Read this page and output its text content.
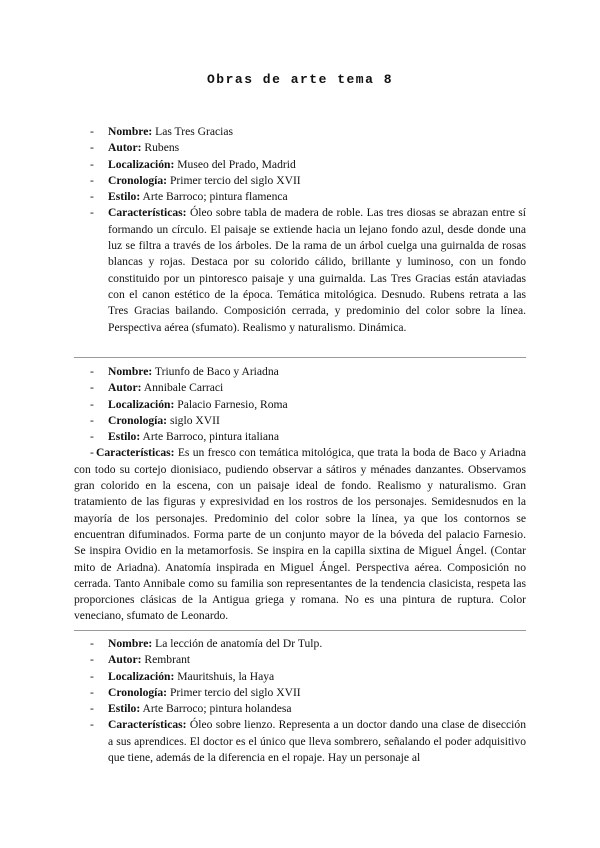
Obras de arte tema 8
- Nombre: Las Tres Gracias
- Autor: Rubens
- Localización: Museo del Prado, Madrid
- Cronología: Primer tercio del siglo XVII
- Estilo: Arte Barroco; pintura flamenca
- Características: Óleo sobre tabla de madera de roble. Las tres diosas se abrazan entre sí formando un círculo. El paisaje se extiende hacia un lejano fondo azul, desde donde una luz se filtra a través de los árboles. De la rama de un árbol cuelga una guirnalda de rosas blancas y rojas. Destaca por su colorido cálido, brillante y luminoso, con un fondo constituido por un pintoresco paisaje y una guirnalda. Las Tres Gracias están ataviadas con el canon estético de la época. Temática mitológica. Desnudo. Rubens retrata a las Tres Gracias bailando. Composición cerrada, y predominio del color sobre la línea. Perspectiva aérea (sfumato). Realismo y naturalismo. Dinámica.
- Nombre: Triunfo de Baco y Ariadna
- Autor: Annibale Carraci
- Localización: Palacio Farnesio, Roma
- Cronología: siglo XVII
- Estilo: Arte Barroco, pintura italiana
- Características: Es un fresco con temática mitológica, que trata la boda de Baco y Ariadna con todo su cortejo dionisiaco, pudiendo observar a sátiros y ménades danzantes. Observamos gran colorido en la escena, con un paisaje ideal de fondo. Realismo y naturalismo. Gran tratamiento de las figuras y expresividad en los rostros de los personajes. Semidesnudos en la mayoría de los personajes. Predominio del color sobre la línea, ya que los contornos se encuentran difuminados. Forma parte de un conjunto mayor de la bóveda del palacio Farnesio. Se inspira Ovidio en la metamorfosis. Se inspira en la capilla sixtina de Miguel Ángel. (Contar mito de Ariadna). Anatomía inspirada en Miguel Ángel. Perspectiva aérea. Composición no cerrada. Tanto Annibale como su familia son representantes de la tendencia clasicista, respeta las proporciones clásicas de la Antigua griega y romana. No es una pintura de ruptura. Color veneciano, sfumato de Leonardo.
- Nombre: La lección de anatomía del Dr Tulp.
- Autor: Rembrant
- Localización: Mauritshuis, la Haya
- Cronología: Primer tercio del siglo XVII
- Estilo: Arte Barroco; pintura holandesa
- Características: Óleo sobre lienzo. Representa a un doctor dando una clase de disección a sus aprendices. El doctor es el único que lleva sombrero, señalando el poder adquisitivo que tiene, además de la diferencia en el ropaje. Hay un personaje al
